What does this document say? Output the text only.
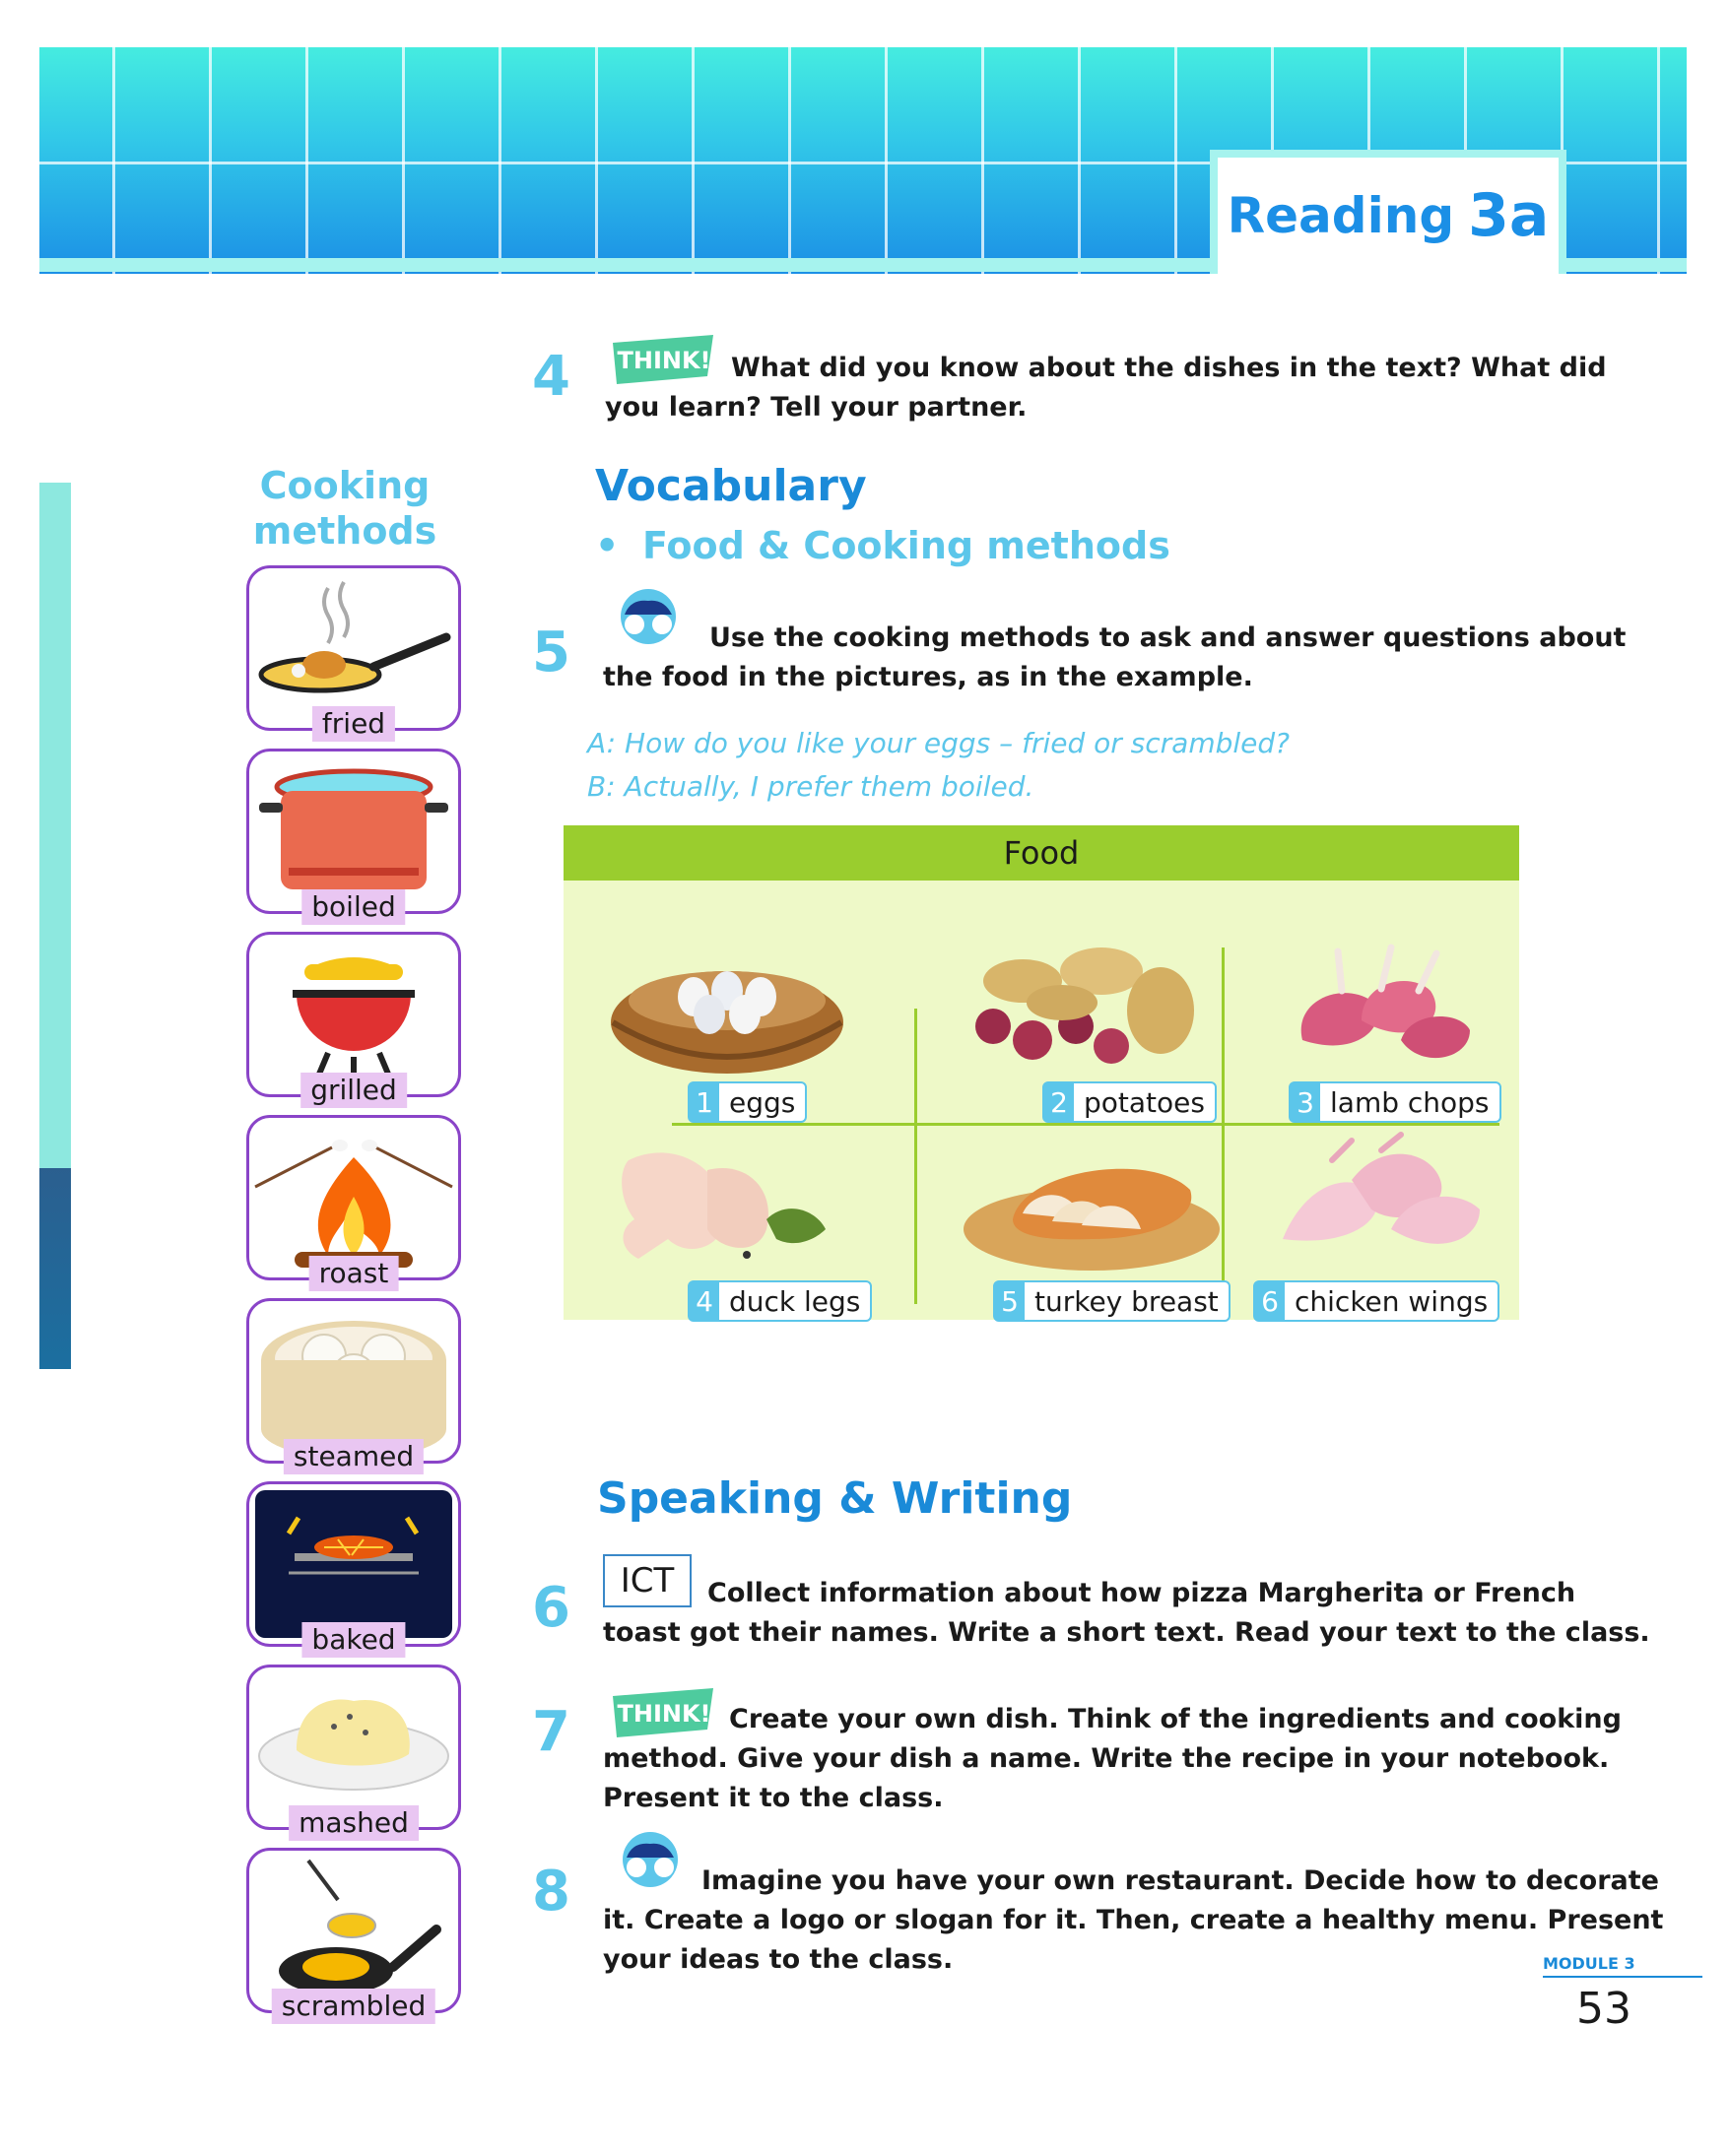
Reading 3a
Cooking
methods
fried
boiled
grilled
roast
steamed
baked
mashed
scrambled
4 THINK! What did you know about the dishes in the text? What did
you learn? Tell your partner.
Vocabulary
• Food & Cooking methods
5	Use the cooking methods to ask and answer questions about
the food in the pictures, as in the example.
A: How do you like your eggs – fried or scrambled?
B: Actually, I prefer them boiled.
Food
1 eggs	2 potatoes	3 lamb chops
4 duck legs	5 turkey breast	6 chicken wings
Speaking & Writing
6	ICT	Collect information about how pizza Margherita or French
toast got their names. Write a short text. Read your text to the class.
7 THINK! Create your own dish. Think of the ingredients and cooking
method. Give your dish a name. Write the recipe in your notebook.
Present it to the class.
8	Imagine you have your own restaurant. Decide how to decorate
it. Create a logo or slogan for it. Then, create a healthy menu. Present
your ideas to the class.	MODULE 3
53
